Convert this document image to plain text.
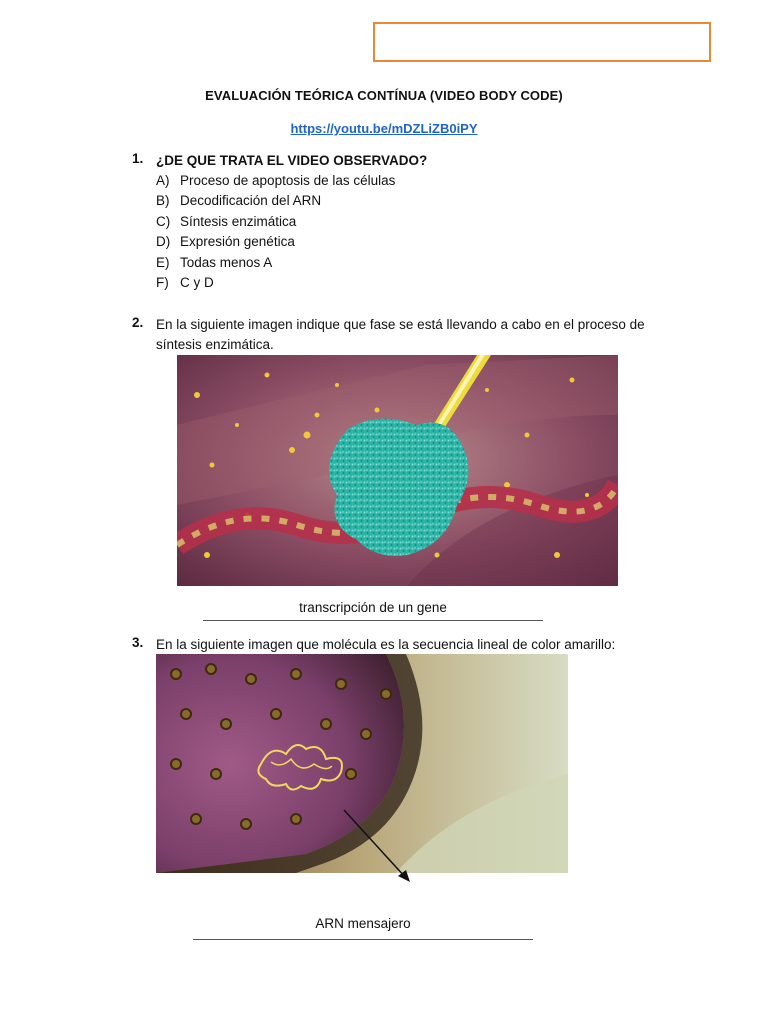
EVALUACIÓN TEÓRICA CONTÍNUA (VIDEO BODY CODE)
https://youtu.be/mDZLiZB0iPY
1. ¿DE QUE TRATA EL VIDEO OBSERVADO?
A) Proceso de apoptosis de las células
B) Decodificación del ARN
C) Síntesis enzimática
D) Expresión genética
E) Todas menos A
F) C y D
2. En la siguiente imagen indique que fase se está llevando a cabo en el proceso de síntesis enzimática.
transcripción de un gene
3. En la siguiente imagen que molécula es la secuencia lineal de color amarillo:
ARN mensajero
